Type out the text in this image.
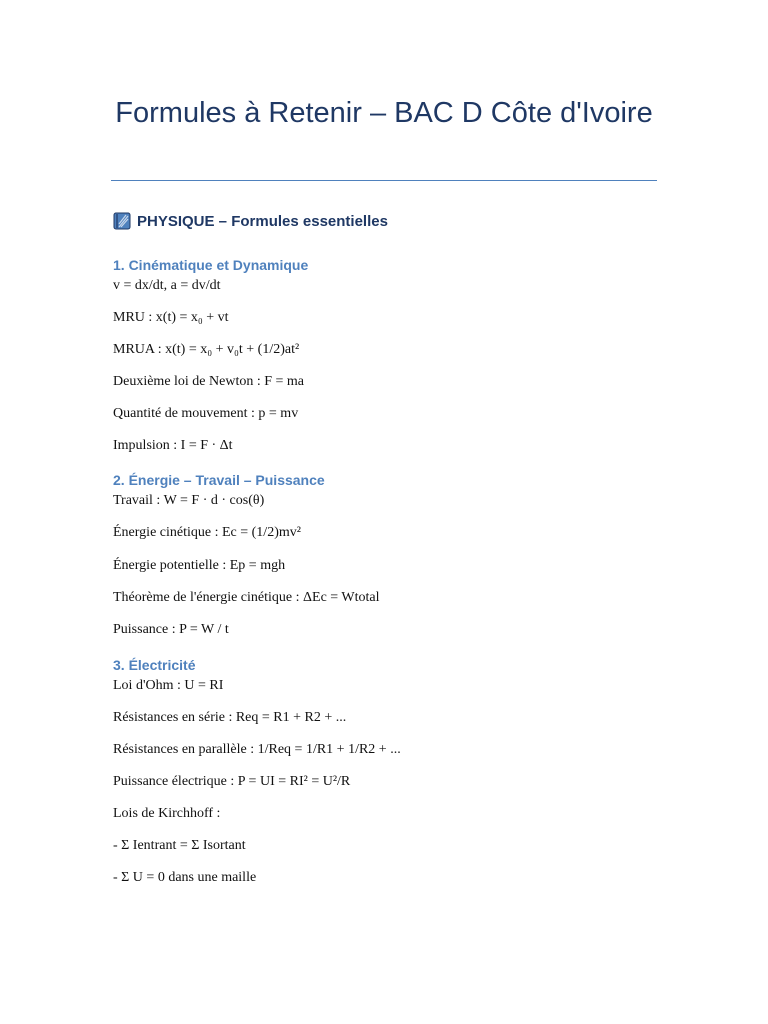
Formules à Retenir – BAC D Côte d'Ivoire
PHYSIQUE – Formules essentielles
1. Cinématique et Dynamique

v = dx/dt, a = dv/dt

MRU : x(t) = x₀ + vt

MRUA : x(t) = x₀ + v₀t + (1/2)at²

Deuxième loi de Newton : F = ma

Quantité de mouvement : p = mv

Impulsion : I = F · Δt

2. Énergie – Travail – Puissance

Travail : W = F · d · cos(θ)

Énergie cinétique : Ec = (1/2)mv²

Énergie potentielle : Ep = mgh

Théorème de l'énergie cinétique : ΔEc = Wtotal

Puissance : P = W / t

3. Électricité

Loi d'Ohm : U = RI

Résistances en série : Req = R1 + R2 + ...

Résistances en parallèle : 1/Req = 1/R1 + 1/R2 + ...

Puissance électrique : P = UI = RI² = U²/R

Lois de Kirchhoff :

- Σ Ientrant = Σ Isortant

- Σ U = 0 dans une maille
